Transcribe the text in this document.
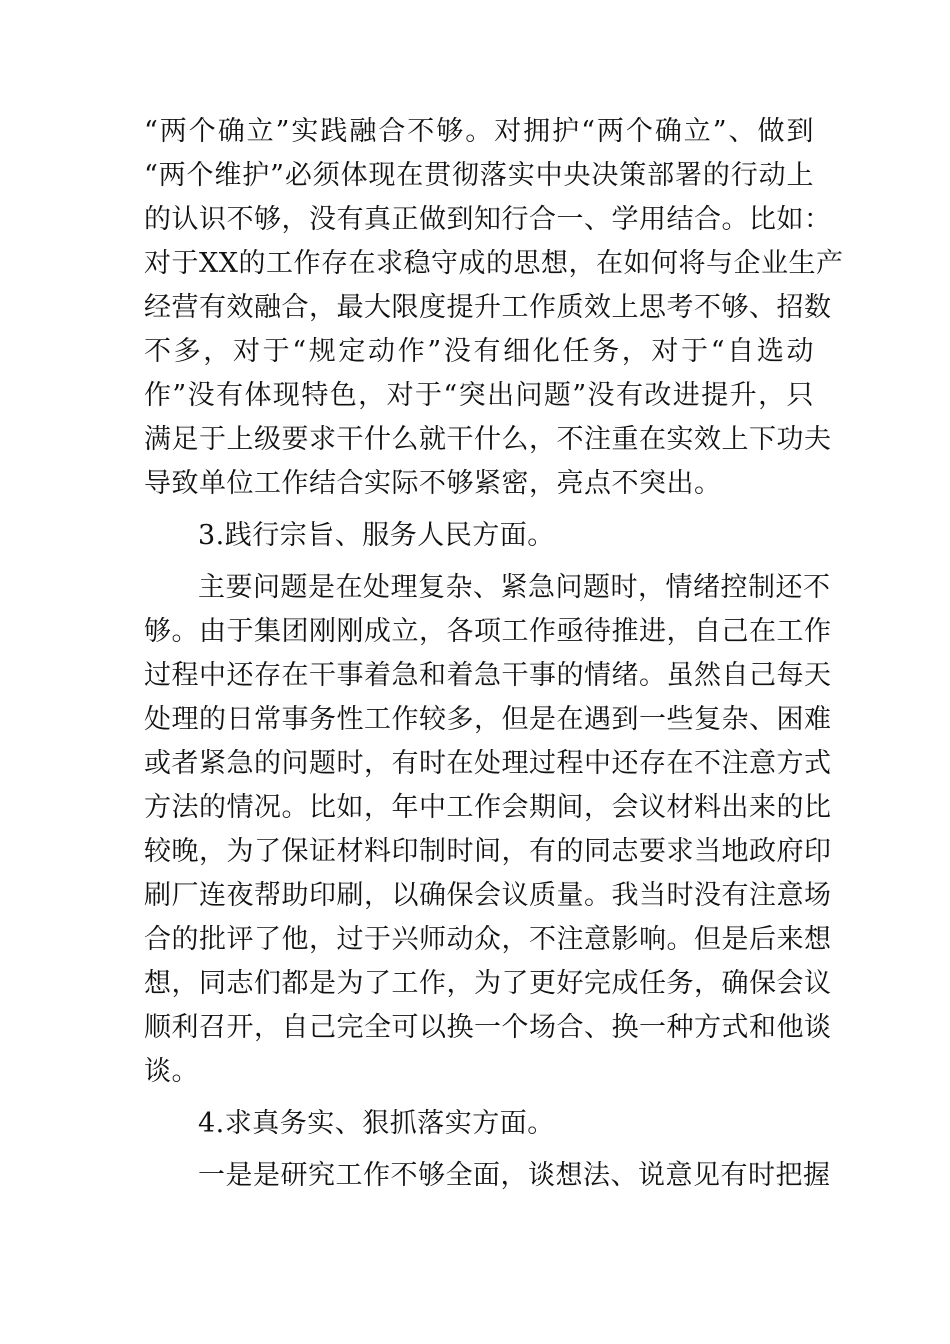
“两个确立”实践融合不够。对拥护“两个确立”、做到
“两个维护”必须体现在贯彻落实中央决策部署的行动上
的认识不够，没有真正做到知行合一、学用结合。比如：
对于XX的工作存在求稳守成的思想，在如何将与企业生产
经营有效融合，最大限度提升工作质效上思考不够、招数
不多，对于“规定动作”没有细化任务，对于“自选动
作”没有体现特色，对于“突出问题”没有改进提升，只
满足于上级要求干什么就干什么，不注重在实效上下功夫
导致单位工作结合实际不够紧密，亮点不突出。
3.践行宗旨、服务人民方面。
主要问题是在处理复杂、紧急问题时，情绪控制还不
够。由于集团刚刚成立，各项工作亟待推进，自己在工作
过程中还存在干事着急和着急干事的情绪。虽然自己每天
处理的日常事务性工作较多，但是在遇到一些复杂、困难
或者紧急的问题时，有时在处理过程中还存在不注意方式
方法的情况。比如，年中工作会期间，会议材料出来的比
较晚，为了保证材料印制时间，有的同志要求当地政府印
刷厂连夜帮助印刷，以确保会议质量。我当时没有注意场
合的批评了他，过于兴师动众，不注意影响。但是后来想
想，同志们都是为了工作，为了更好完成任务，确保会议
顺利召开，自己完全可以换一个场合、换一种方式和他谈
谈。
4.求真务实、狠抓落实方面。
一是是研究工作不够全面，谈想法、说意见有时把握
